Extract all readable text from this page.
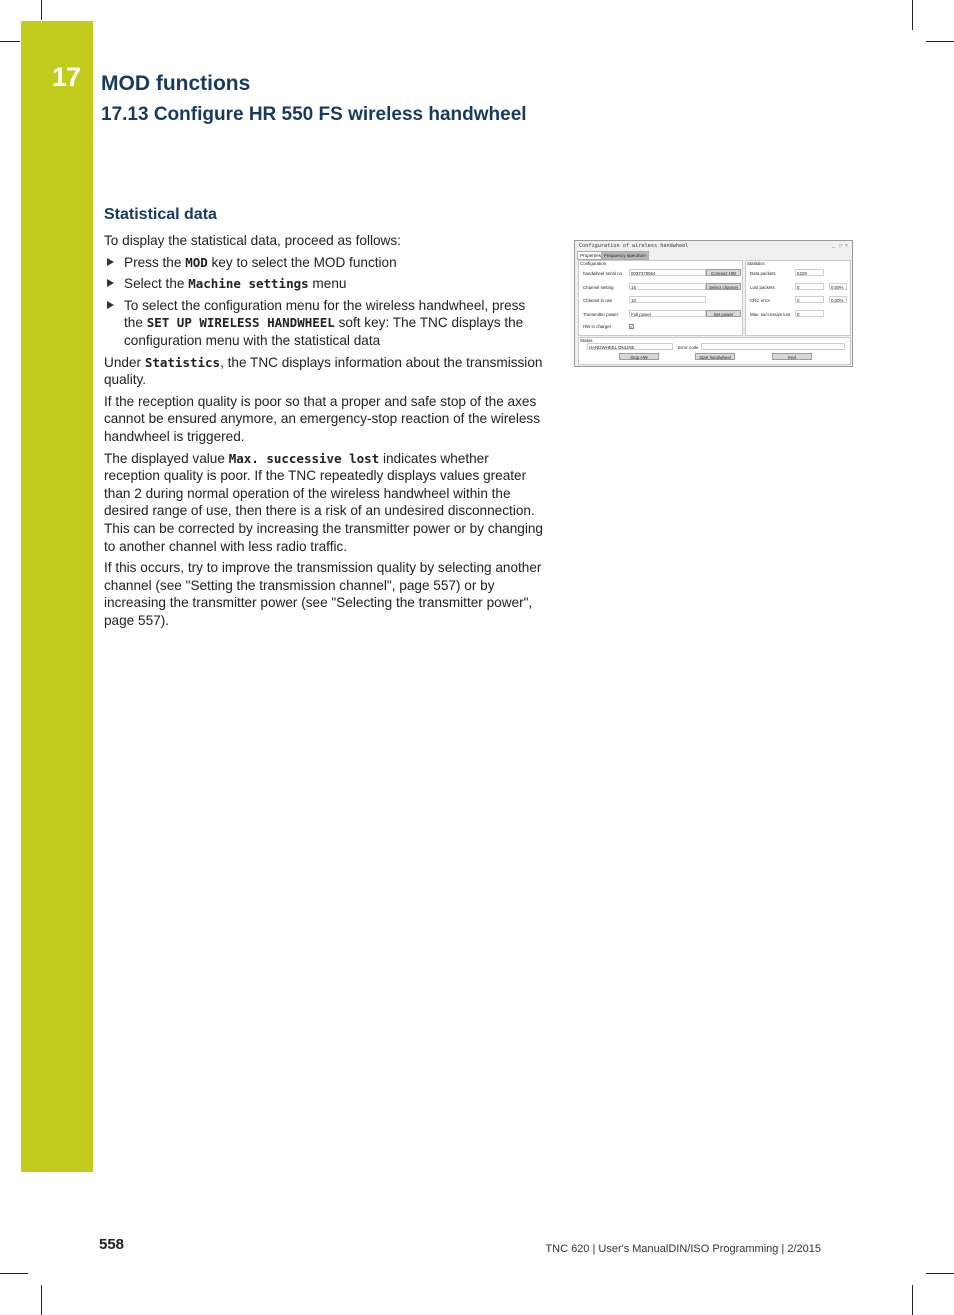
17 MOD functions
17.13 Configure HR 550 FS wireless handwheel
Statistical data

To display the statistical data, proceed as follows:

Press the MOD key to select the MOD function
Select the Machine settings menu
To select the configuration menu for the wireless handwheel, press the SET UP WIRELESS HANDWHEEL soft key: The TNC displays the configuration menu with the statistical data

Under Statistics, the TNC displays information about the transmission quality.

If the reception quality is poor so that a proper and safe stop of the axes cannot be ensured anymore, an emergency-stop reaction of the wireless handwheel is triggered.

The displayed value Max. successive lost indicates whether reception quality is poor. If the TNC repeatedly displays values greater than 2 during normal operation of the wireless handwheel within the desired range of use, then there is a risk of an undesired disconnection. This can be corrected by increasing the transmitter power or by changing to another channel with less radio traffic.

If this occurs, try to improve the transmission quality by selecting another channel (see "Setting the transmission channel", page 557) or by increasing the transmitter power (see "Selecting the transmitter power", page 557).

Configuration of wireless handwheel	_ □ ×
Properties Frequency spectrum
Configuration
handwheel serial no.	0037478964	Connect HW
Channel setting	16	Select channel
Channel in use	10
Transmitter power	Full power	Set power
HW in charger	✓
Statistics
Data packets	5228
Lost packets	0	0.00%
CRC error	0	0.00%
Max. successive lost	0
Status
HANDWHEEL ONLINE	Error code
Stop HW	Start handwheel	End
558	TNC 620 | User's ManualDIN/ISO Programming | 2/2015
